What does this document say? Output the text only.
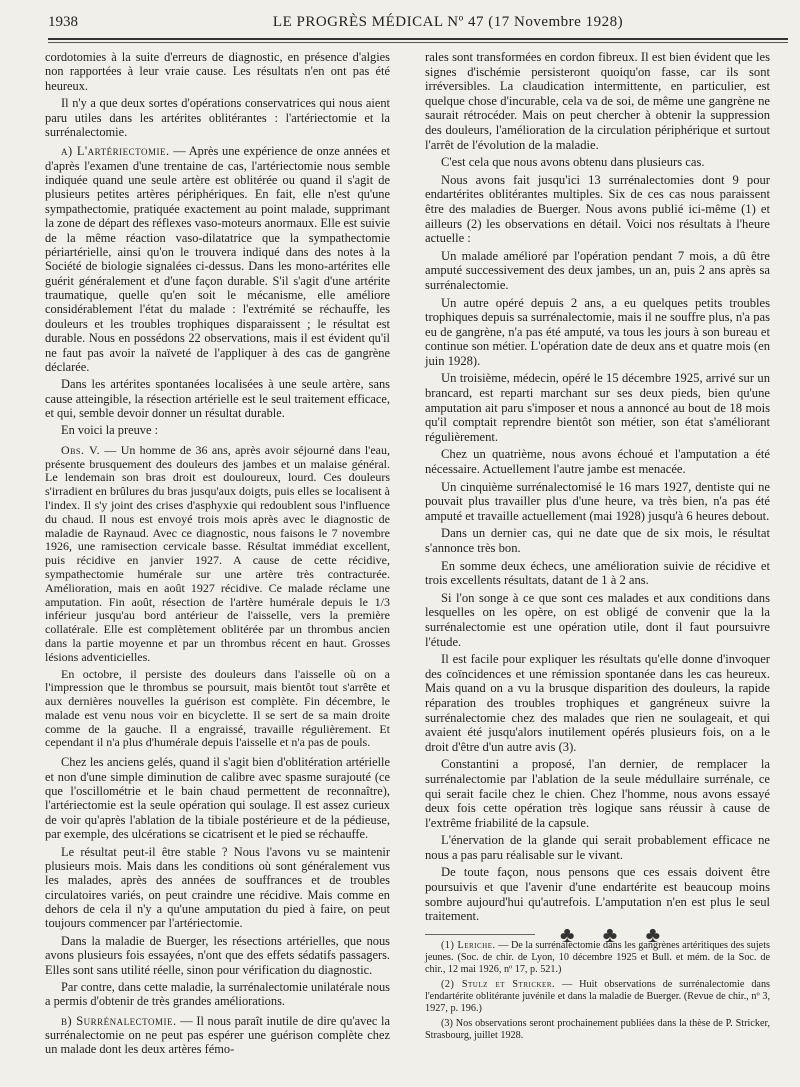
1938	LE PROGRÈS MÉDICAL Nº 47 (17 Novembre 1928)

cordotomies à la suite d'erreurs de diagnostic, en présence d'algies non rapportées à leur vraie cause. Les résultats n'en ont pas été heureux.

Il n'y a que deux sortes d'opérations conservatrices qui nous aient paru utiles dans les artérites oblitérantes : l'artériectomie et la surrénalectomie.

a) L'artériectomie. — Après une expérience de onze années et d'après l'examen d'une trentaine de cas, l'artériectomie nous semble indiquée quand une seule artère est oblitérée ou quand il s'agit de plusieurs petites artères périphériques. En fait, elle n'est qu'une sympathectomie, pratiquée exactement au point malade, supprimant la zone de départ des réflexes vaso-moteurs anormaux. Elle est suivie de la même réaction vaso-dilatatrice que la sympathectomie périartérielle, ainsi qu'on le trouvera indiqué dans des notes à la Société de biologie signalées ci-dessus. Dans les mono-artérites elle guérit généralement et d'une façon durable. S'il s'agit d'une artérite traumatique, quelle qu'en soit le mécanisme, elle améliore considérablement l'état du malade : l'extrémité se réchauffe, les douleurs et les troubles trophiques disparaissent ; le résultat est durable. Nous en possédons 22 observations, mais il est évident qu'il ne faut pas avoir la naïveté de l'appliquer à des cas de gangrène déclarée.

Dans les artérites spontanées localisées à une seule artère, sans cause atteingible, la résection artérielle est le seul traitement efficace, et qui, semble devoir donner un résultat durable.

En voici la preuve :

Obs. V. — Un homme de 36 ans, après avoir séjourné dans l'eau, présente brusquement des douleurs des jambes et un malaise général. Le lendemain son bras droit est douloureux, lourd. Ces douleurs s'irradient en brûlures du bras jusqu'aux doigts, puis elles se localisent à l'index. Il s'y joint des crises d'asphyxie qui redoublent sous l'influence du chaud. Il nous est envoyé trois mois après avec le diagnostic de maladie de Raynaud. Avec ce diagnostic, nous faisons le 7 novembre 1926, une ramisection cervicale basse. Résultat immédiat excellent, puis récidive en janvier 1927. A cause de cette récidive, sympathectomie humérale sur une artère très contracturée. Amélioration, mais en août 1927 récidive. Ce malade réclame une amputation. Fin août, résection de l'artère humérale depuis le 1/3 inférieur jusqu'au bord antérieur de l'aisselle, vers la première collatérale. Elle est complètement oblitérée par un thrombus ancien dans la partie moyenne et par un thrombus récent en haut. Grosses lésions adventicielles.

En octobre, il persiste des douleurs dans l'aisselle où on a l'impression que le thrombus se poursuit, mais bientôt tout s'arrête et aux dernières nouvelles la guérison est complète. Fin décembre, le malade est venu nous voir en bicyclette. Il se sert de sa main droite comme de la gauche. Il a engraissé, travaille régulièrement. Et cependant il n'a plus d'humérale depuis l'aisselle et n'a pas de pouls.

Chez les anciens gelés, quand il s'agit bien d'oblitération artérielle et non d'une simple diminution de calibre avec spasme surajouté (ce que l'oscillométrie et le bain chaud permettent de reconnaître), l'artériectomie est la seule opération qui soulage. Il est assez curieux de voir qu'après l'ablation de la tibiale postérieure et de la pédieuse, par exemple, des ulcérations se cicatrisent et le pied se réchauffe.

Le résultat peut-il être stable ? Nous l'avons vu se maintenir plusieurs mois. Mais dans les conditions où sont généralement vus les malades, après des années de souffrances et de troubles circulatoires variés, on peut craindre une récidive. Mais comme en dehors de cela il n'y a qu'une amputation du pied à faire, on peut toujours commencer par l'artériectomie.

Dans la maladie de Buerger, les résections artérielles, que nous avons plusieurs fois essayées, n'ont que des effets sédatifs passagers. Elles sont sans utilité réelle, sinon pour vérification du diagnostic.

Par contre, dans cette maladie, la surrénalectomie unilatérale nous a permis d'obtenir de très grandes améliorations.

b) Surrénalectomie. — Il nous paraît inutile de dire qu'avec la surrénalectomie on ne peut pas espérer une guérison complète chez un malade dont les deux artères fémo-

rales sont transformées en cordon fibreux. Il est bien évident que les signes d'ischémie persisteront quoiqu'on fasse, car ils sont irréversibles. La claudication intermittente, en particulier, est quelque chose d'incurable, cela va de soi, de même une gangrène ne saurait rétrocéder. Mais on peut chercher à obtenir la suppression des douleurs, l'amélioration de la circulation périphérique et surtout l'arrêt de l'évolution de la maladie.

C'est cela que nous avons obtenu dans plusieurs cas.

Nous avons fait jusqu'ici 13 surrénalectomies dont 9 pour endartérites oblitérantes multiples. Six de ces cas nous paraissent être des maladies de Buerger. Nous avons publié ici-même (1) et ailleurs (2) les observations en détail. Voici nos résultats à l'heure actuelle :

Un malade amélioré par l'opération pendant 7 mois, a dû être amputé successivement des deux jambes, un an, puis 2 ans après sa surrénalectomie.

Un autre opéré depuis 2 ans, a eu quelques petits troubles trophiques depuis sa surrénalectomie, mais il ne souffre plus, n'a pas eu de gangrène, n'a pas été amputé, va tous les jours à son bureau et continue son métier. L'opération date de deux ans et quatre mois (en juin 1928).

Un troisième, médecin, opéré le 15 décembre 1925, arrivé sur un brancard, est reparti marchant sur ses deux pieds, bien qu'une amputation ait paru s'imposer et nous a annoncé au bout de 18 mois qu'il comptait reprendre bientôt son métier, son état s'améliorant régulièrement.

Chez un quatrième, nous avons échoué et l'amputation a été nécessaire. Actuellement l'autre jambe est menacée.

Un cinquième surrénalectomisé le 16 mars 1927, dentiste qui ne pouvait plus travailler plus d'une heure, va très bien, n'a pas été amputé et travaille actuellement (mai 1928) jusqu'à 6 heures debout.

Dans un dernier cas, qui ne date que de six mois, le résultat s'annonce très bon.

En somme deux échecs, une amélioration suivie de récidive et trois excellents résultats, datant de 1 à 2 ans.

Si l'on songe à ce que sont ces malades et aux conditions dans lesquelles on les opère, on est obligé de convenir que la la surrénalectomie est une opération utile, dont il faut poursuivre l'étude.

Il est facile pour expliquer les résultats qu'elle donne d'invoquer des coïncidences et une rémission spontanée dans les cas heureux. Mais quand on a vu la brusque disparition des douleurs, la rapide réparation des troubles trophiques et gangréneux suivre la surrénalectomie chez des malades que rien ne soulageait, et qui avaient été jusqu'alors inutilement opérés plusieurs fois, on a le droit d'être d'un autre avis (3).

Constantini a proposé, l'an dernier, de remplacer la surrénalectomie par l'ablation de la seule médullaire surrénale, ce qui serait facile chez le chien. Chez l'homme, nous avons essayé deux fois cette opération très logique sans réussir à cause de l'extrême friabilité de la capsule.

L'énervation de la glande qui serait probablement efficace ne nous a pas paru réalisable sur le vivant.

De toute façon, nous pensons que ces essais doivent être poursuivis et que l'avenir d'une endartérite est beaucoup moins sombre aujourd'hui qu'autrefois. L'amputation n'en est plus le seul traitement.

(1) Leriche. — De la surrénalectomie dans les gangrènes artéritiques des sujets jeunes. (Soc. de chir. de Lyon, 10 décembre 1925 et Bull. et mém. de la Soc. de chir., 12 mai 1926, nº 17, p. 521.)

(2) Stulz et Stricker. — Huit observations de surrénalectomie dans l'endartérite oblitérante juvénile et dans la maladie de Buerger. (Revue de chir., nº 3, 1927, p. 196.)

(3) Nos observations seront prochainement publiées dans la thèse de P. Stricker, Strasbourg, juillet 1928.

♣ ♣ ♣
